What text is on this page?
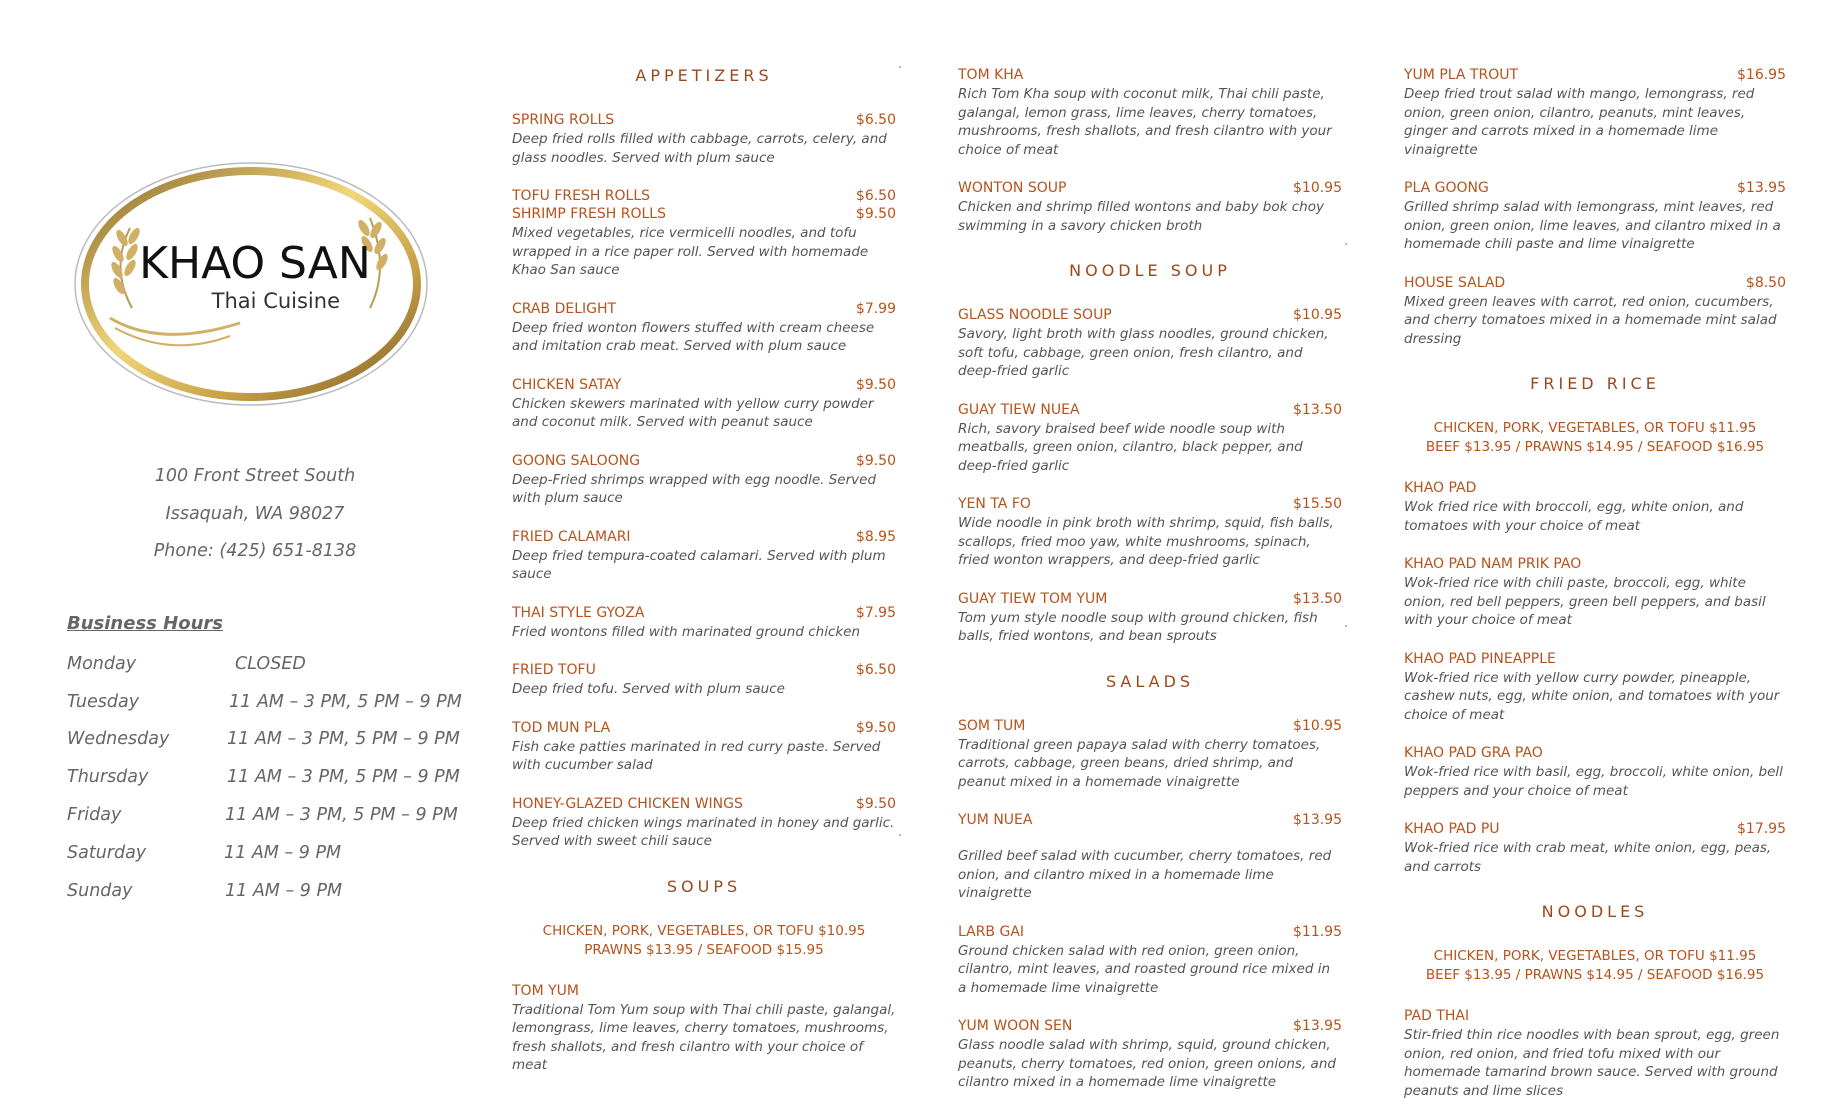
KHAO SAN
Thai Cuisine
100 Front Street South
Issaquah, WA 98027
Phone: (425) 651-8138
Business Hours
Monday	CLOSED
Tuesday	11 AM – 3 PM, 5 PM – 9 PM
Wednesday	11 AM – 3 PM, 5 PM – 9 PM
Thursday	11 AM – 3 PM, 5 PM – 9 PM
Friday	11 AM – 3 PM, 5 PM – 9 PM
Saturday	11 AM – 9 PM
Sunday	11 AM – 9 PM
APPETIZERS
SPRING ROLLS	$6.50
Deep fried rolls filled with cabbage, carrots, celery, and glass noodles. Served with plum sauce
TOFU FRESH ROLLS	$6.50
SHRIMP FRESH ROLLS	$9.50
Mixed vegetables, rice vermicelli noodles, and tofu wrapped in a rice paper roll. Served with homemade Khao San sauce
CRAB DELIGHT	$7.99
Deep fried wonton flowers stuffed with cream cheese and imitation crab meat. Served with plum sauce
CHICKEN SATAY	$9.50
Chicken skewers marinated with yellow curry powder and coconut milk. Served with peanut sauce
GOONG SALOONG	$9.50
Deep-Fried shrimps wrapped with egg noodle. Served with plum sauce
FRIED CALAMARI	$8.95
Deep fried tempura-coated calamari. Served with plum sauce
THAI STYLE GYOZA	$7.95
Fried wontons filled with marinated ground chicken
FRIED TOFU	$6.50
Deep fried tofu. Served with plum sauce
TOD MUN PLA	$9.50
Fish cake patties marinated in red curry paste. Served with cucumber salad
HONEY-GLAZED CHICKEN WINGS	$9.50
Deep fried chicken wings marinated in honey and garlic. Served with sweet chili sauce
SOUPS
CHICKEN, PORK, VEGETABLES, OR TOFU $10.95
PRAWNS $13.95 / SEAFOOD $15.95
TOM YUM
Traditional Tom Yum soup with Thai chili paste, galangal, lemongrass, lime leaves, cherry tomatoes, mushrooms, fresh shallots, and fresh cilantro with your choice of meat
TOM KHA
Rich Tom Kha soup with coconut milk, Thai chili paste, galangal, lemon grass, lime leaves, cherry tomatoes, mushrooms, fresh shallots, and fresh cilantro with your choice of meat
WONTON SOUP	$10.95
Chicken and shrimp filled wontons and baby bok choy swimming in a savory chicken broth
NOODLE SOUP
GLASS NOODLE SOUP	$10.95
Savory, light broth with glass noodles, ground chicken, soft tofu, cabbage, green onion, fresh cilantro, and deep-fried garlic
GUAY TIEW NUEA	$13.50
Rich, savory braised beef wide noodle soup with meatballs, green onion, cilantro, black pepper, and deep-fried garlic
YEN TA FO	$15.50
Wide noodle in pink broth with shrimp, squid, fish balls, scallops, fried moo yaw, white mushrooms, spinach, fried wonton wrappers, and deep-fried garlic
GUAY TIEW TOM YUM	$13.50
Tom yum style noodle soup with ground chicken, fish balls, fried wontons, and bean sprouts
SALADS
SOM TUM	$10.95
Traditional green papaya salad with cherry tomatoes, carrots, cabbage, green beans, dried shrimp, and peanut mixed in a homemade vinaigrette
YUM NUEA	$13.95
Grilled beef salad with cucumber, cherry tomatoes, red onion, and cilantro mixed in a homemade lime vinaigrette
LARB GAI	$11.95
Ground chicken salad with red onion, green onion, cilantro, mint leaves, and roasted ground rice mixed in a homemade lime vinaigrette
YUM WOON SEN	$13.95
Glass noodle salad with shrimp, squid, ground chicken, peanuts, cherry tomatoes, red onion, green onions, and cilantro mixed in a homemade lime vinaigrette
YUM PLA TROUT	$16.95
Deep fried trout salad with mango, lemongrass, red onion, green onion, cilantro, peanuts, mint leaves, ginger and carrots mixed in a homemade lime vinaigrette
PLA GOONG	$13.95
Grilled shrimp salad with lemongrass, mint leaves, red onion, green onion, lime leaves, and cilantro mixed in a homemade chili paste and lime vinaigrette
HOUSE SALAD	$8.50
Mixed green leaves with carrot, red onion, cucumbers, and cherry tomatoes mixed in a homemade mint salad dressing
FRIED RICE
CHICKEN, PORK, VEGETABLES, OR TOFU $11.95
BEEF $13.95 / PRAWNS $14.95 / SEAFOOD $16.95
KHAO PAD
Wok fried rice with broccoli, egg, white onion, and tomatoes with your choice of meat
KHAO PAD NAM PRIK PAO
Wok-fried rice with chili paste, broccoli, egg, white onion, red bell peppers, green bell peppers, and basil with your choice of meat
KHAO PAD PINEAPPLE
Wok-fried rice with yellow curry powder, pineapple, cashew nuts, egg, white onion, and tomatoes with your choice of meat
KHAO PAD GRA PAO
Wok-fried rice with basil, egg, broccoli, white onion, bell peppers and your choice of meat
KHAO PAD PU	$17.95
Wok-fried rice with crab meat, white onion, egg, peas, and carrots
NOODLES
CHICKEN, PORK, VEGETABLES, OR TOFU $11.95
BEEF $13.95 / PRAWNS $14.95 / SEAFOOD $16.95
PAD THAI
Stir-fried thin rice noodles with bean sprout, egg, green onion, red onion, and fried tofu mixed with our homemade tamarind brown sauce. Served with ground peanuts and lime slices
